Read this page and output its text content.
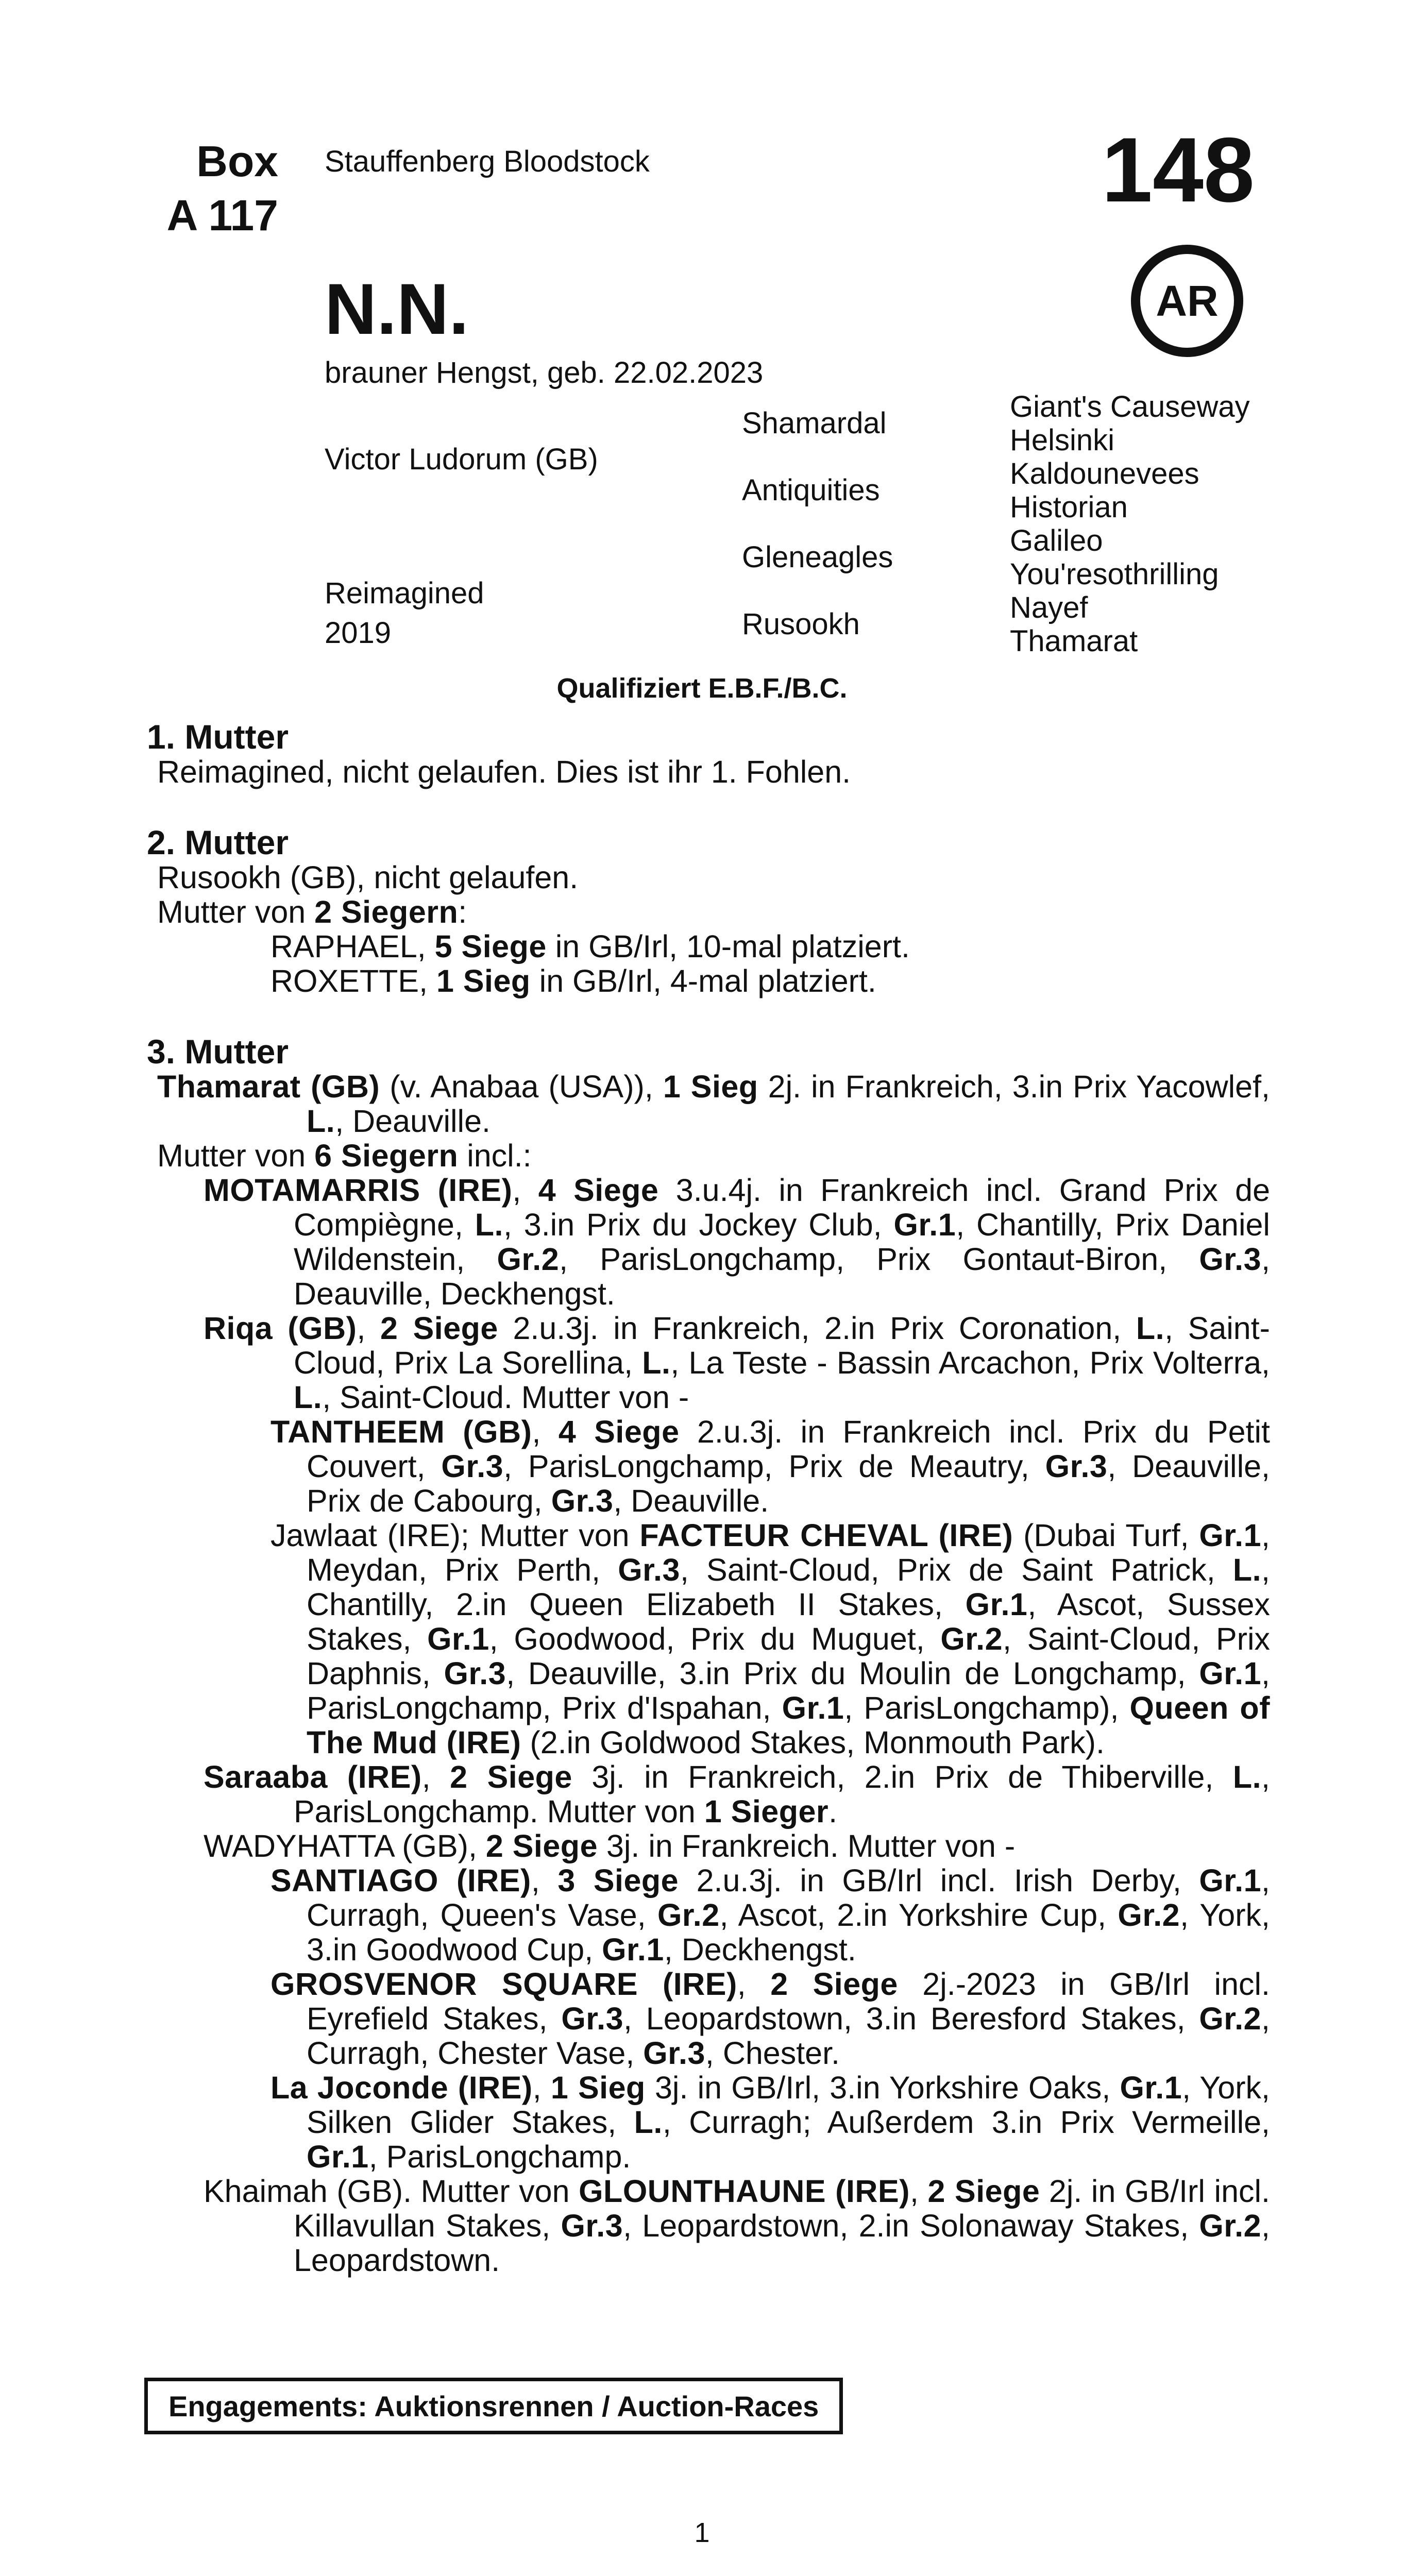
Box
A 117
Stauffenberg Bloodstock	148
AR
N.N.
brauner Hengst, geb. 22.02.2023
Victor Ludorum (GB)
Reimagined
2019
Shamardal
Antiquities
Gleneagles
Rusookh
Giant's Causeway
Helsinki
Kaldounevees
Historian
Galileo
You'resothrilling
Nayef
Thamarat
Qualifiziert E.B.F./B.C.
1. Mutter
Reimagined, nicht gelaufen. Dies ist ihr 1. Fohlen.
2. Mutter
Rusookh (GB), nicht gelaufen.
Mutter von 2 Siegern:
RAPHAEL, 5 Siege in GB/Irl, 10-mal platziert.
ROXETTE, 1 Sieg in GB/Irl, 4-mal platziert.
3. Mutter
Thamarat (GB) (v. Anabaa (USA)), 1 Sieg 2j. in Frankreich, 3.in Prix Yacowlef, L., Deauville.
Mutter von 6 Siegern incl.:
MOTAMARRIS (IRE), 4 Siege 3.u.4j. in Frankreich incl. Grand Prix de Compiègne, L., 3.in Prix du Jockey Club, Gr.1, Chantilly, Prix Daniel Wildenstein, Gr.2, ParisLongchamp, Prix Gontaut-Biron, Gr.3, Deauville, Deckhengst.
Riqa (GB), 2 Siege 2.u.3j. in Frankreich, 2.in Prix Coronation, L., Saint-Cloud, Prix La Sorellina, L., La Teste - Bassin Arcachon, Prix Volterra, L., Saint-Cloud. Mutter von -
TANTHEEM (GB), 4 Siege 2.u.3j. in Frankreich incl. Prix du Petit Couvert, Gr.3, ParisLongchamp, Prix de Meautry, Gr.3, Deauville, Prix de Cabourg, Gr.3, Deauville.
Jawlaat (IRE); Mutter von FACTEUR CHEVAL (IRE) (Dubai Turf, Gr.1, Meydan, Prix Perth, Gr.3, Saint-Cloud, Prix de Saint Patrick, L., Chantilly, 2.in Queen Elizabeth II Stakes, Gr.1, Ascot, Sussex Stakes, Gr.1, Goodwood, Prix du Muguet, Gr.2, Saint-Cloud, Prix Daphnis, Gr.3, Deauville, 3.in Prix du Moulin de Longchamp, Gr.1, ParisLongchamp, Prix d'Ispahan, Gr.1, ParisLongchamp), Queen of The Mud (IRE) (2.in Goldwood Stakes, Monmouth Park).
Saraaba (IRE), 2 Siege 3j. in Frankreich, 2.in Prix de Thiberville, L., ParisLongchamp. Mutter von 1 Sieger.
WADYHATTA (GB), 2 Siege 3j. in Frankreich. Mutter von -
SANTIAGO (IRE), 3 Siege 2.u.3j. in GB/Irl incl. Irish Derby, Gr.1, Curragh, Queen's Vase, Gr.2, Ascot, 2.in Yorkshire Cup, Gr.2, York, 3.in Goodwood Cup, Gr.1, Deckhengst.
GROSVENOR SQUARE (IRE), 2 Siege 2j.-2023 in GB/Irl incl. Eyrefield Stakes, Gr.3, Leopardstown, 3.in Beresford Stakes, Gr.2, Curragh, Chester Vase, Gr.3, Chester.
La Joconde (IRE), 1 Sieg 3j. in GB/Irl, 3.in Yorkshire Oaks, Gr.1, York, Silken Glider Stakes, L., Curragh; Außerdem 3.in Prix Vermeille, Gr.1, ParisLongchamp.
Khaimah (GB). Mutter von GLOUNTHAUNE (IRE), 2 Siege 2j. in GB/Irl incl. Killavullan Stakes, Gr.3, Leopardstown, 2.in Solonaway Stakes, Gr.2, Leopardstown.
Engagements: Auktionsrennen / Auction-Races
1
